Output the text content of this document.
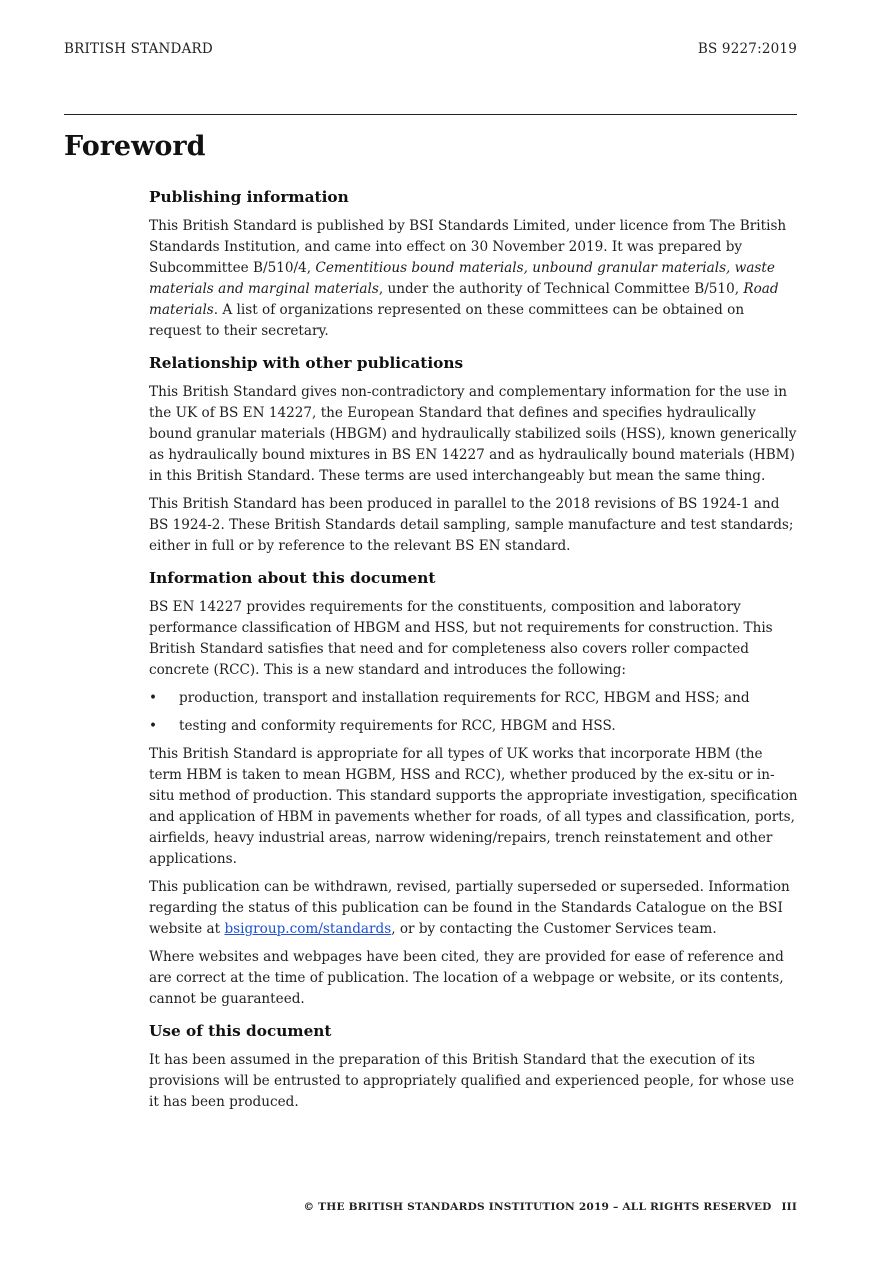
BRITISH STANDARD	BS 9227:2019
Foreword
Publishing information

This British Standard is published by BSI Standards Limited, under licence from The British Standards Institution, and came into effect on 30 November 2019. It was prepared by Subcommittee B/510/4, Cementitious bound materials, unbound granular materials, waste materials and marginal materials, under the authority of Technical Committee B/510, Road materials. A list of organizations represented on these committees can be obtained on request to their secretary.

Relationship with other publications

This British Standard gives non-contradictory and complementary information for the use in the UK of BS EN 14227, the European Standard that defines and specifies hydraulically bound granular materials (HBGM) and hydraulically stabilized soils (HSS), known generically as hydraulically bound mixtures in BS EN 14227 and as hydraulically bound materials (HBM) in this British Standard. These terms are used interchangeably but mean the same thing.

This British Standard has been produced in parallel to the 2018 revisions of BS 1924-1 and BS 1924-2. These British Standards detail sampling, sample manufacture and test standards; either in full or by reference to the relevant BS EN standard.

Information about this document

BS EN 14227 provides requirements for the constituents, composition and laboratory performance classification of HBGM and HSS, but not requirements for construction. This British Standard satisfies that need and for completeness also covers roller compacted concrete (RCC). This is a new standard and introduces the following:

• production, transport and installation requirements for RCC, HBGM and HSS; and
• testing and conformity requirements for RCC, HBGM and HSS.

This British Standard is appropriate for all types of UK works that incorporate HBM (the term HBM is taken to mean HGBM, HSS and RCC), whether produced by the ex-situ or in-situ method of production. This standard supports the appropriate investigation, specification and application of HBM in pavements whether for roads, of all types and classification, ports, airfields, heavy industrial areas, narrow widening/repairs, trench reinstatement and other applications.

This publication can be withdrawn, revised, partially superseded or superseded. Information regarding the status of this publication can be found in the Standards Catalogue on the BSI website at bsigroup.com/standards, or by contacting the Customer Services team.

Where websites and webpages have been cited, they are provided for ease of reference and are correct at the time of publication. The location of a webpage or website, or its contents, cannot be guaranteed.

Use of this document

It has been assumed in the preparation of this British Standard that the execution of its provisions will be entrusted to appropriately qualified and experienced people, for whose use it has been produced.

© THE BRITISH STANDARDS INSTITUTION 2019 – ALL RIGHTS RESERVED III
